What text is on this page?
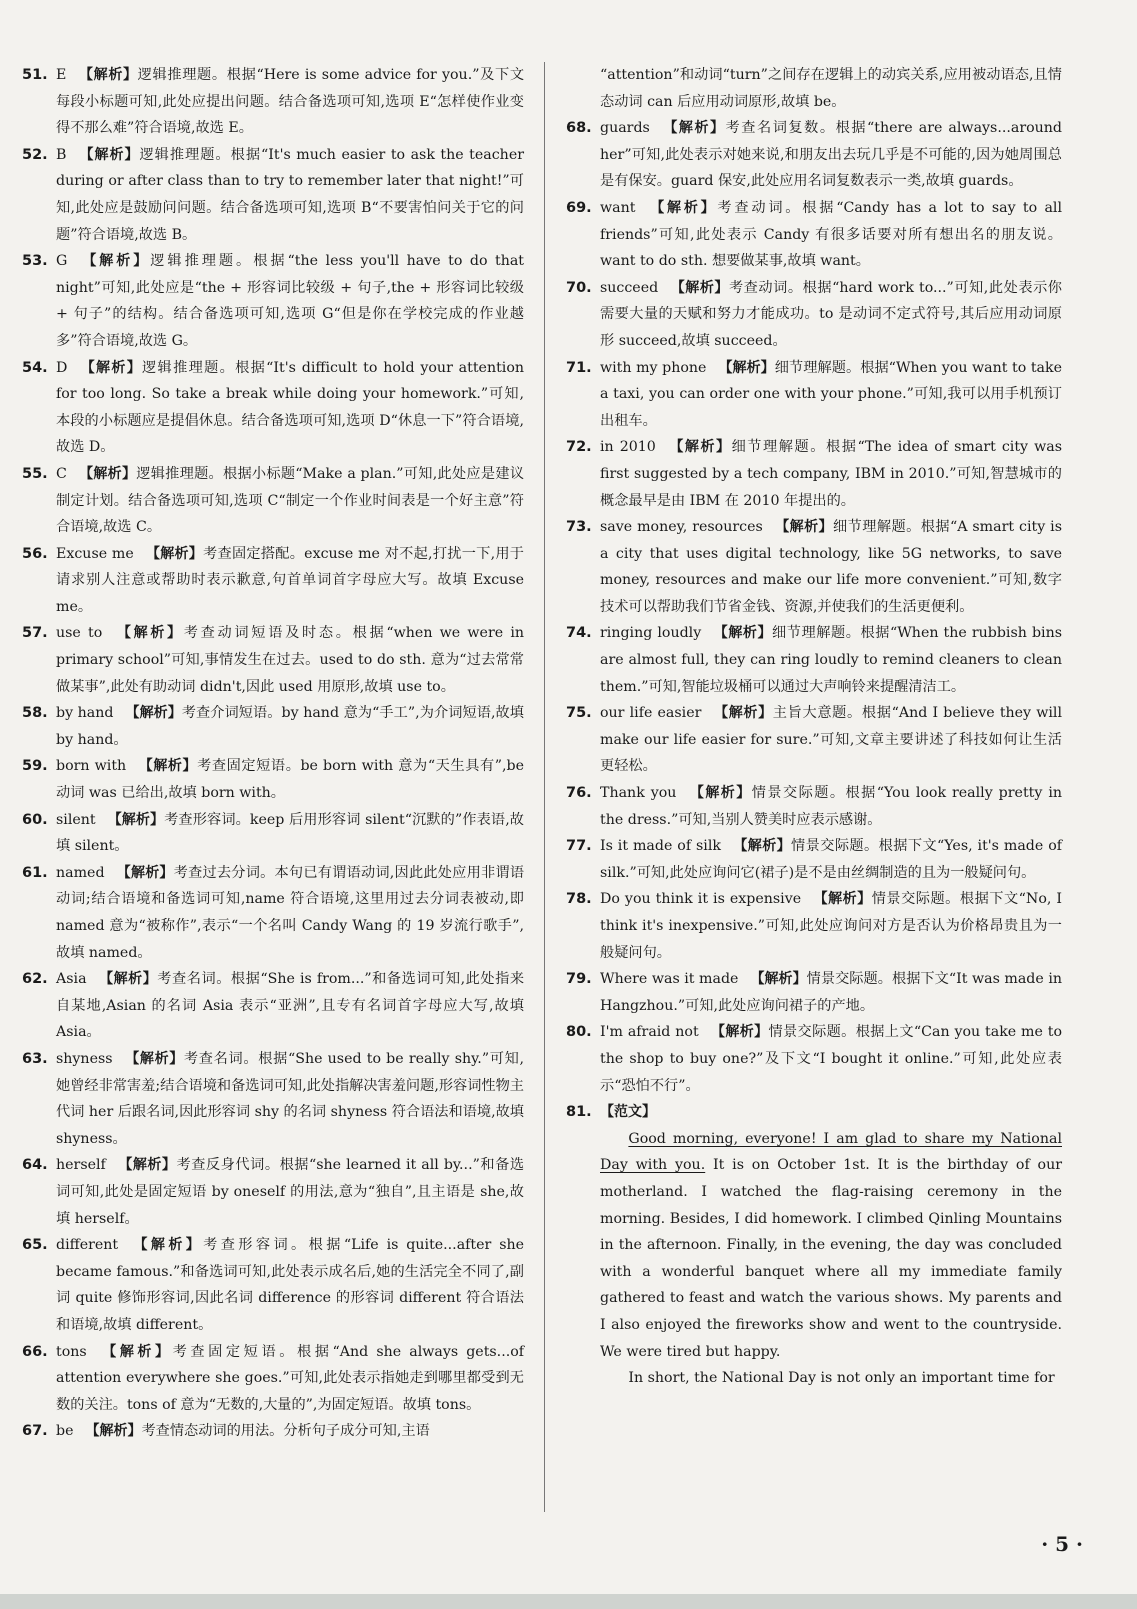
51. E 【解析】逻辑推理题。根据“Here is some advice for you.”及下文每段小标题可知,此处应提出问题。结合备选项可知,选项 E“怎样使作业变得不那么难”符合语境,故选 E。
52. B 【解析】逻辑推理题。根据“It's much easier to ask the teacher during or after class than to try to remember later that night!”可知,此处应是鼓励问问题。结合备选项可知,选项 B“不要害怕问关于它的问题”符合语境,故选 B。
53. G 【解析】逻辑推理题。根据“the less you'll have to do that night”可知,此处应是“the + 形容词比较级 + 句子,the + 形容词比较级 + 句子”的结构。结合备选项可知,选项 G“但是你在学校完成的作业越多”符合语境,故选 G。
54. D 【解析】逻辑推理题。根据“It's difficult to hold your attention for too long. So take a break while doing your homework.”可知,本段的小标题应是提倡休息。结合备选项可知,选项 D“休息一下”符合语境,故选 D。
55. C 【解析】逻辑推理题。根据小标题“Make a plan.”可知,此处应是建议制定计划。结合备选项可知,选项 C“制定一个作业时间表是一个好主意”符合语境,故选 C。
56. Excuse me 【解析】考查固定搭配。excuse me 对不起,打扰一下,用于请求别人注意或帮助时表示歉意,句首单词首字母应大写。故填 Excuse me。
57. use to 【解析】考查动词短语及时态。根据“when we were in primary school”可知,事情发生在过去。used to do sth. 意为“过去常常做某事”,此处有助动词 didn't,因此 used 用原形,故填 use to。
58. by hand 【解析】考查介词短语。by hand 意为“手工”,为介词短语,故填 by hand。
59. born with 【解析】考查固定短语。be born with 意为“天生具有”,be 动词 was 已给出,故填 born with。
60. silent 【解析】考查形容词。keep 后用形容词 silent“沉默的”作表语,故填 silent。
61. named 【解析】考查过去分词。本句已有谓语动词,因此此处应用非谓语动词;结合语境和备选词可知,name 符合语境,这里用过去分词表被动,即 named 意为“被称作”,表示“一个名叫 Candy Wang 的 19 岁流行歌手”,故填 named。
62. Asia 【解析】考查名词。根据“She is from...”和备选词可知,此处指来自某地,Asian 的名词 Asia 表示“亚洲”,且专有名词首字母应大写,故填 Asia。
63. shyness 【解析】考查名词。根据“She used to be really shy.”可知,她曾经非常害羞;结合语境和备选词可知,此处指解决害羞问题,形容词性物主代词 her 后跟名词,因此形容词 shy 的名词 shyness 符合语法和语境,故填 shyness。
64. herself 【解析】考查反身代词。根据“she learned it all by...”和备选词可知,此处是固定短语 by oneself 的用法,意为“独自”,且主语是 she,故填 herself。
65. different 【解析】考查形容词。根据“Life is quite...after she became famous.”和备选词可知,此处表示成名后,她的生活完全不同了,副词 quite 修饰形容词,因此名词 difference 的形容词 different 符合语法和语境,故填 different。
66. tons 【解析】考查固定短语。根据“And she always gets...of attention everywhere she goes.”可知,此处表示指她走到哪里都受到无数的关注。tons of 意为“无数的,大量的”,为固定短语。故填 tons。
67. be 【解析】考查情态动词的用法。分析句子成分可知,主语
“attention”和动词“turn”之间存在逻辑上的动宾关系,应用被动语态,且情态动词 can 后应用动词原形,故填 be。
68. guards 【解析】考查名词复数。根据“there are always...around her”可知,此处表示对她来说,和朋友出去玩几乎是不可能的,因为她周围总是有保安。guard 保安,此处应用名词复数表示一类,故填 guards。
69. want 【解析】考查动词。根据“Candy has a lot to say to all friends”可知,此处表示 Candy 有很多话要对所有想出名的朋友说。want to do sth. 想要做某事,故填 want。
70. succeed 【解析】考查动词。根据“hard work to...”可知,此处表示你需要大量的天赋和努力才能成功。to 是动词不定式符号,其后应用动词原形 succeed,故填 succeed。
71. with my phone 【解析】细节理解题。根据“When you want to take a taxi, you can order one with your phone.”可知,我可以用手机预订出租车。
72. in 2010 【解析】细节理解题。根据“The idea of smart city was first suggested by a tech company, IBM in 2010.”可知,智慧城市的概念最早是由 IBM 在 2010 年提出的。
73. save money, resources 【解析】细节理解题。根据“A smart city is a city that uses digital technology, like 5G networks, to save money, resources and make our life more convenient.”可知,数字技术可以帮助我们节省金钱、资源,并使我们的生活更便利。
74. ringing loudly 【解析】细节理解题。根据“When the rubbish bins are almost full, they can ring loudly to remind cleaners to clean them.”可知,智能垃圾桶可以通过大声响铃来提醒清洁工。
75. our life easier 【解析】主旨大意题。根据“And I believe they will make our life easier for sure.”可知,文章主要讲述了科技如何让生活更轻松。
76. Thank you 【解析】情景交际题。根据“You look really pretty in the dress.”可知,当别人赞美时应表示感谢。
77. Is it made of silk 【解析】情景交际题。根据下文“Yes, it's made of silk.”可知,此处应询问它(裙子)是不是由丝绸制造的且为一般疑问句。
78. Do you think it is expensive 【解析】情景交际题。根据下文“No, I think it's inexpensive.”可知,此处应询问对方是否认为价格昂贵且为一般疑问句。
79. Where was it made 【解析】情景交际题。根据下文“It was made in Hangzhou.”可知,此处应询问裙子的产地。
80. I'm afraid not 【解析】情景交际题。根据上文“Can you take me to the shop to buy one?”及下文“I bought it online.”可知,此处应表示“恐怕不行”。
81. 【范文】

Good morning, everyone! I am glad to share my National Day with you. It is on October 1st. It is the birthday of our motherland. I watched the flag-raising ceremony in the morning. Besides, I did homework. I climbed Qinling Mountains in the afternoon. Finally, in the evening, the day was concluded with a wonderful banquet where all my immediate family gathered to feast and watch the various shows. My parents and I also enjoyed the fireworks show and went to the countryside. We were tired but happy.

In short, the National Day is not only an important time for

· 5 ·
